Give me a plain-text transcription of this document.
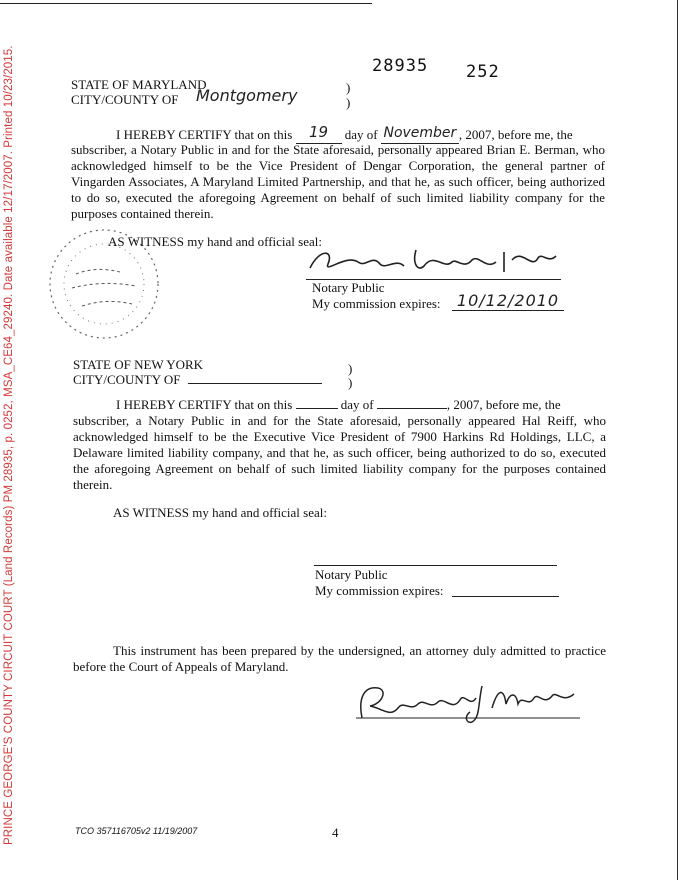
PRINCE GEORGE'S COUNTY CIRCUIT COURT (Land Records) PM 28935, p. 0252, MSA_CE64_29240. Date available 12/17/2007. Printed 10/23/2015.	28935 252
STATE OF MARYLAND
CITY/COUNTY OF Montgomery	)
)
I HEREBY CERTIFY that on this 19 day of November , 2007, before me, the
subscriber, a Notary Public in and for the State aforesaid, personally appeared Brian E. Berman, who acknowledged himself to be the Vice President of Dengar Corporation, the general partner of Vingarden Associates, A Maryland Limited Partnership, and that he, as such officer, being authorized to do so, executed the aforegoing Agreement on behalf of such limited liability company for the purposes contained therein.
AS WITNESS my hand and official seal:
Notary Public
My commission expires: 10/12/2010
STATE OF NEW YORK
CITY/COUNTY OF
)
)
I HEREBY CERTIFY that on this	day of	, 2007, before me, the
subscriber, a Notary Public in and for the State aforesaid, personally appeared Hal Reiff, who acknowledged himself to be the Executive Vice President of 7900 Harkins Rd Holdings, LLC, a Delaware limited liability company, and that he, as such officer, being authorized to do so, executed the aforegoing Agreement on behalf of such limited liability company for the purposes contained therein.
AS WITNESS my hand and official seal:
Notary Public
My commission expires:
This instrument has been prepared by the undersigned, an attorney duly admitted to practice before the Court of Appeals of Maryland.
TCO 357116705v2 11/19/2007	4
